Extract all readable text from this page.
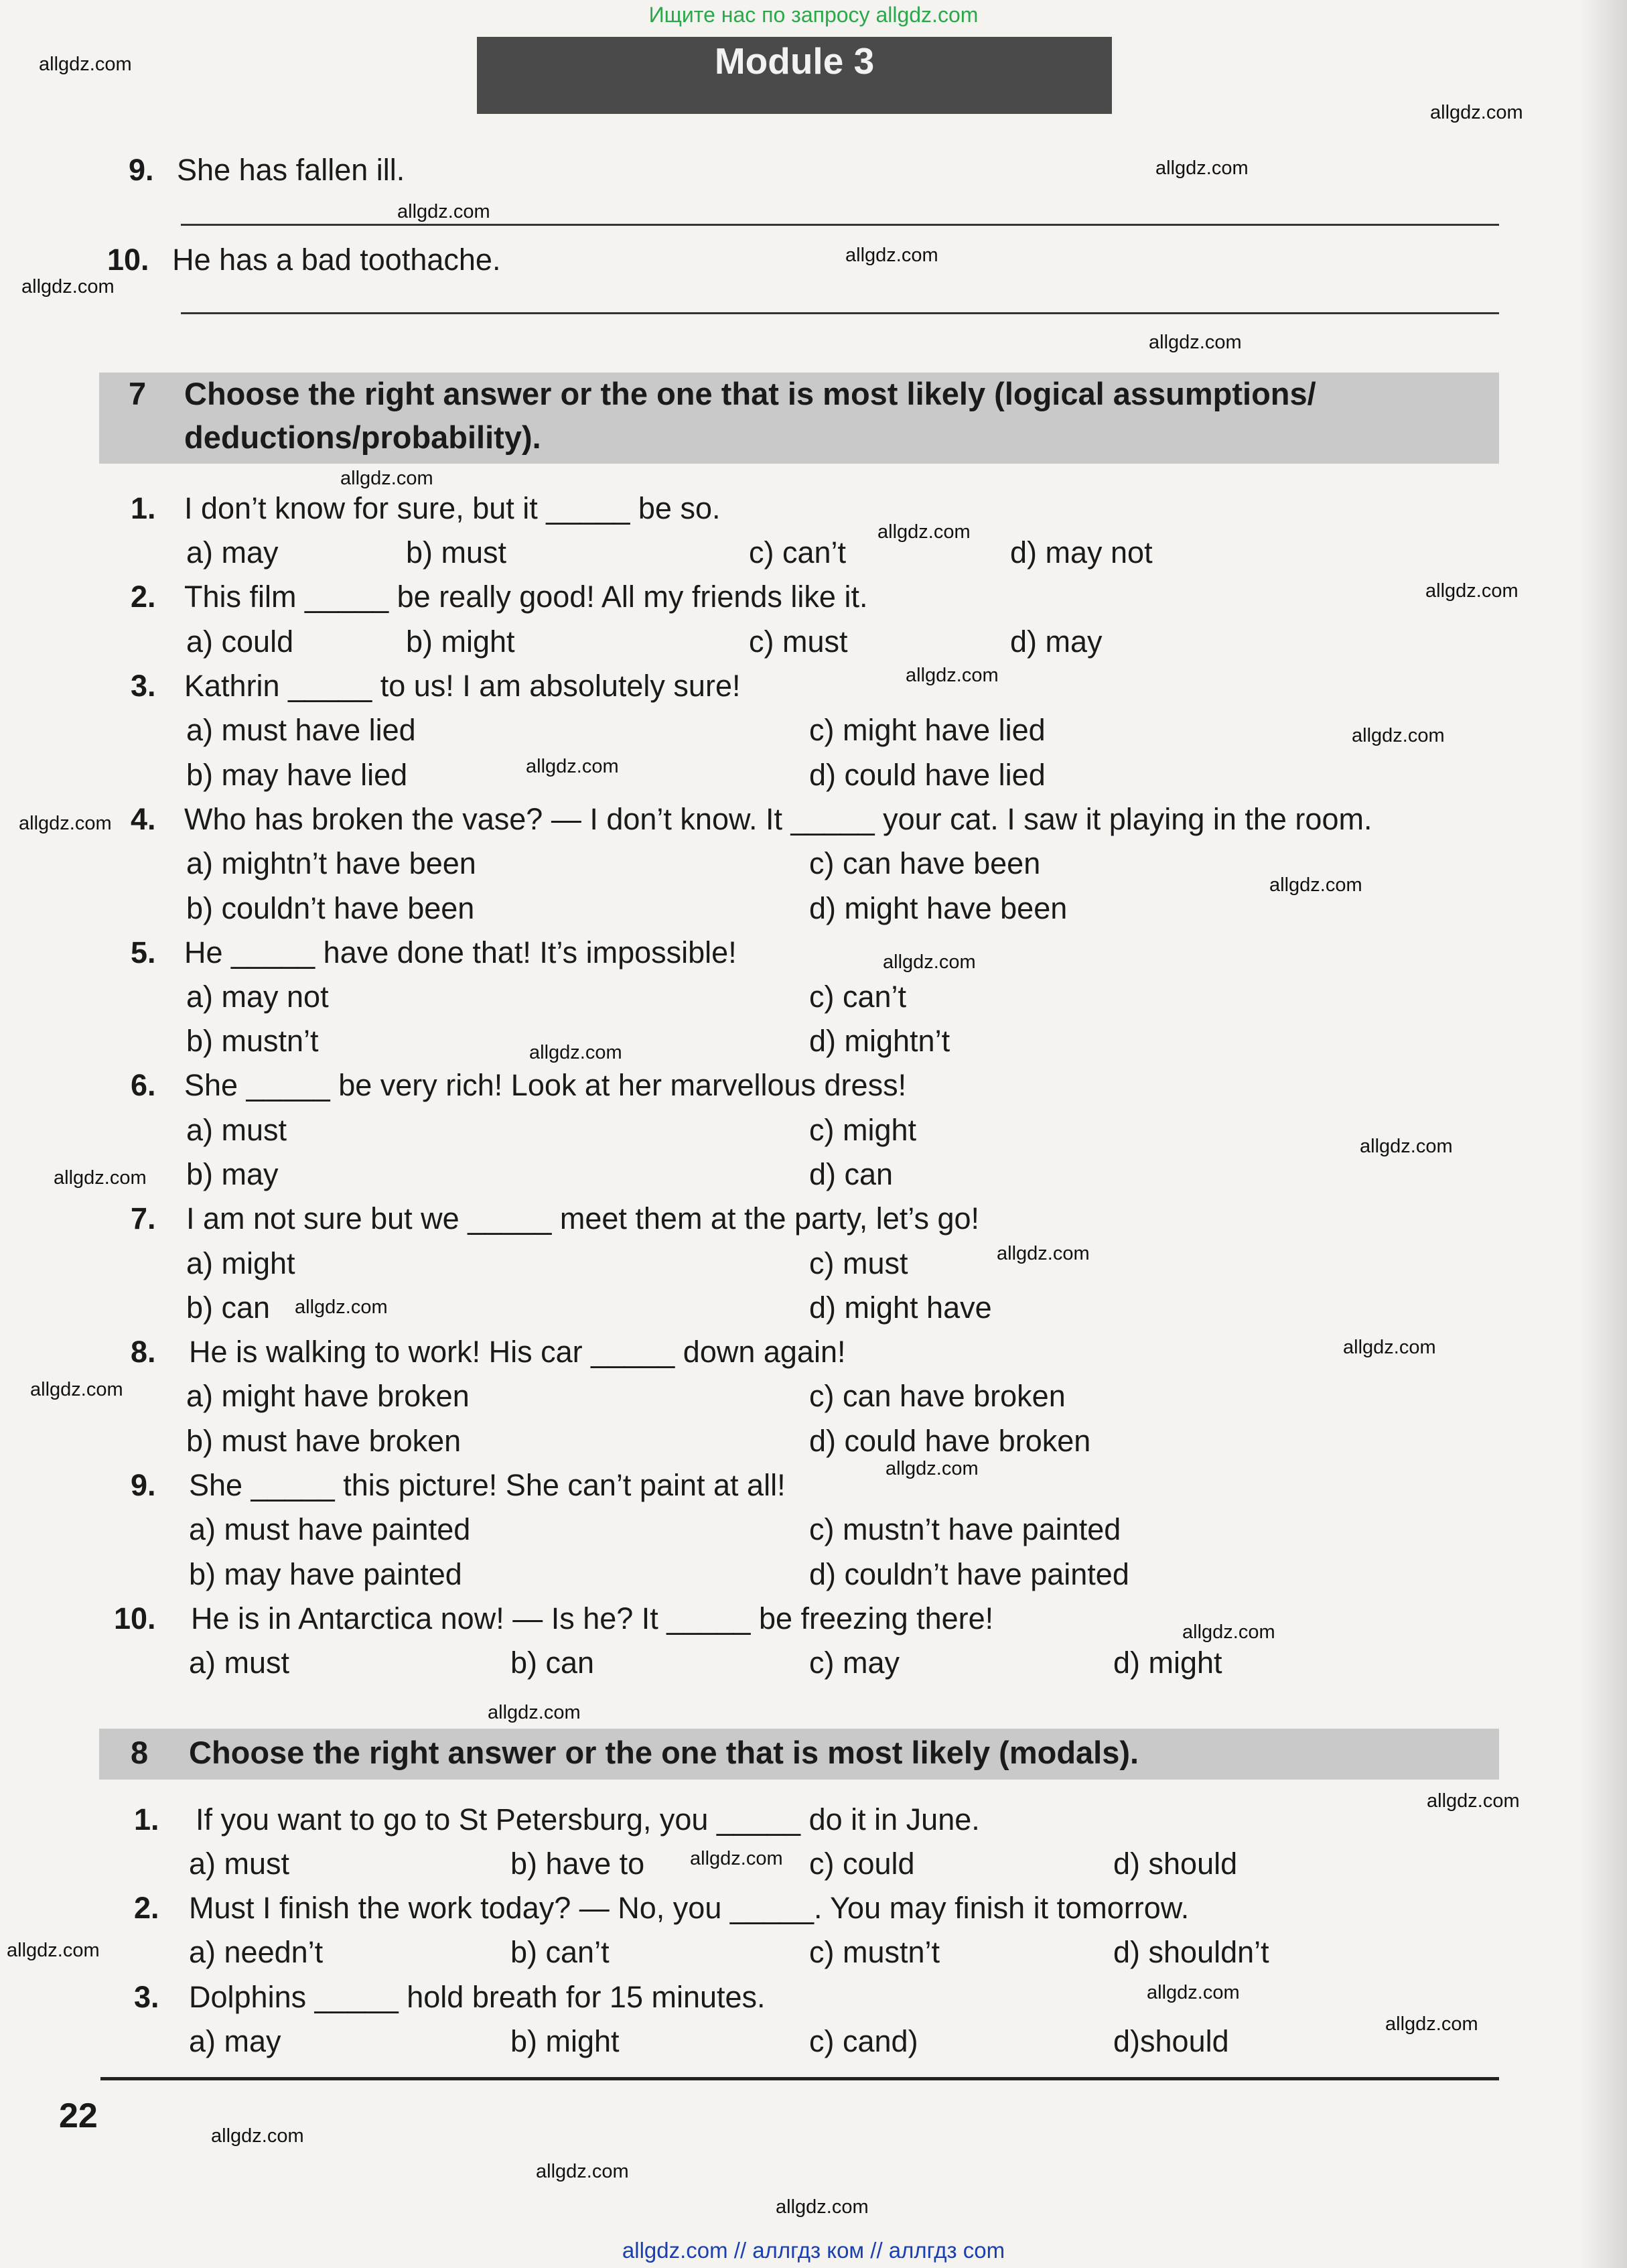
Ищите нас по запросу allgdz.com
Module 3
9. She has fallen ill.
10. He has a bad toothache.
7 Choose the right answer or the one that is most likely (logical assumptions/
deductions/probability).
1. I don’t know for sure, but it _____ be so.
a) may	b) must	c) can’t	d) may not
2. This film _____ be really good! All my friends like it.
a) could	b) might	c) must	d) may
3. Kathrin _____ to us! I am absolutely sure!
a) must have lied	c) might have lied
b) may have lied	d) could have lied
4. Who has broken the vase? — I don’t know. It _____ your cat. I saw it playing in the room.
a) mightn’t have been	c) can have been
b) couldn’t have been	d) might have been
5. He _____ have done that! It’s impossible!
a) may not	c) can’t
b) mustn’t	d) mightn’t
6. She _____ be very rich! Look at her marvellous dress!
a) must	c) might
b) may	d) can
7. I am not sure but we _____ meet them at the party, let’s go!
a) might	c) must
b) can	d) might have
8. He is walking to work! His car _____ down again!
a) might have broken	c) can have broken
b) must have broken	d) could have broken
9. She _____ this picture! She can’t paint at all!
a) must have painted	c) mustn’t have painted
b) may have painted	d) couldn’t have painted
10. He is in Antarctica now! — Is he? It _____ be freezing there!
a) must	b) can	c) may	d) might
8 Choose the right answer or the one that is most likely (modals).
1. If you want to go to St Petersburg, you _____ do it in June.
a) must	b) have to	c) could	d) should
2. Must I finish the work today? — No, you _____. You may finish it tomorrow.
a) needn’t	b) can’t	c) mustn’t	d) shouldn’t
3. Dolphins _____ hold breath for 15 minutes.
a) may	b) might	c) cand)	d)should
22
allgdz.com
allgdz.com
allgdz.com
allgdz.com
allgdz.com
allgdz.com
allgdz.com
allgdz.com
allgdz.com
allgdz.com
allgdz.com
allgdz.com
allgdz.com
allgdz.com
allgdz.com
allgdz.com
allgdz.com
allgdz.com
allgdz.com
allgdz.com
allgdz.com
allgdz.com
allgdz.com
allgdz.com
allgdz.com
allgdz.com
allgdz.com
allgdz.com
allgdz.com
allgdz.com
allgdz.com
allgdz.com
allgdz.com
allgdz.com
allgdz.com // аллгдз ком // аллгдз com
